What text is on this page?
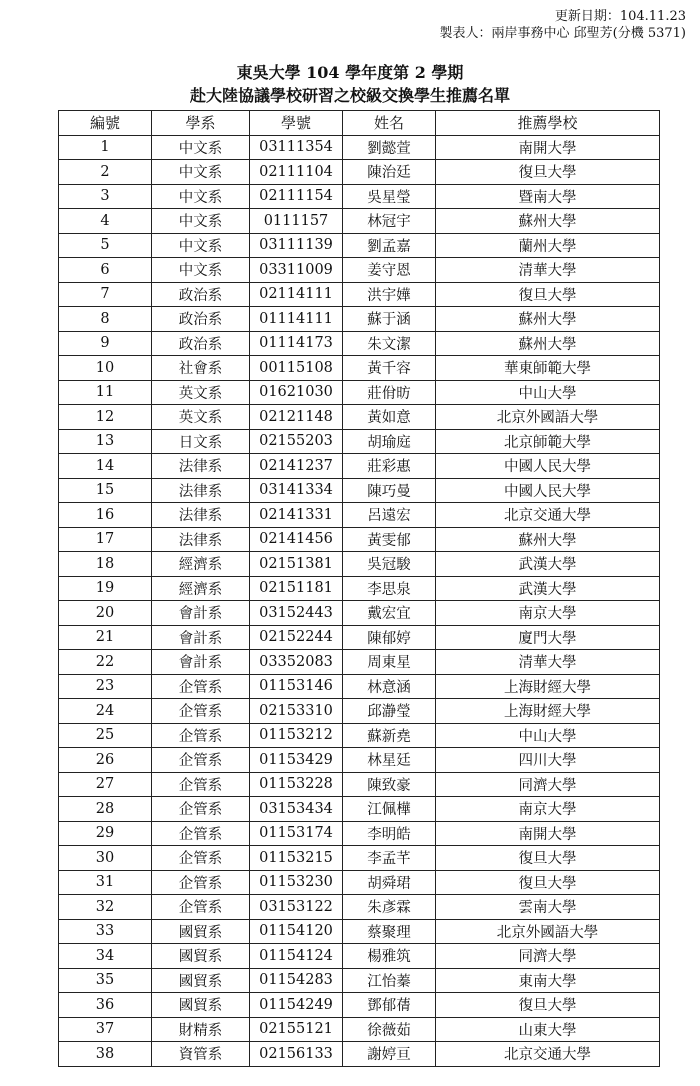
更新日期：104.11.23
製表人：兩岸事務中心 邱聖芳(分機 5371)
東吳大學 104 學年度第 2 學期
赴大陸協議學校研習之校級交換學生推薦名單
編號	學系	學號	姓名	推薦學校
1	中文系	03111354	劉懿萱	南開大學
2	中文系	02111104	陳治廷	復旦大學
3	中文系	02111154	吳星瑩	暨南大學
4	中文系	0111157	林冠宇	蘇州大學
5	中文系	03111139	劉孟嘉	蘭州大學
6	中文系	03311009	姜守恩	清華大學
7	政治系	02114111	洪宇嬅	復旦大學
8	政治系	01114111	蘇于涵	蘇州大學
9	政治系	01114173	朱文潔	蘇州大學
10	社會系	00115108	黃千容	華東師範大學
11	英文系	01621030	莊佾昉	中山大學
12	英文系	02121148	黃如意	北京外國語大學
13	日文系	02155203	胡瑜庭	北京師範大學
14	法律系	02141237	莊彩惠	中國人民大學
15	法律系	03141334	陳巧曼	中國人民大學
16	法律系	02141331	呂遠宏	北京交通大學
17	法律系	02141456	黃雯郁	蘇州大學
18	經濟系	02151381	吳冠駿	武漢大學
19	經濟系	02151181	李思泉	武漢大學
20	會計系	03152443	戴宏宜	南京大學
21	會計系	02152244	陳郁婷	廈門大學
22	會計系	03352083	周東星	清華大學
23	企管系	01153146	林意涵	上海財經大學
24	企管系	02153310	邱瀞瑩	上海財經大學
25	企管系	01153212	蘇新堯	中山大學
26	企管系	01153429	林星廷	四川大學
27	企管系	01153228	陳致豪	同濟大學
28	企管系	03153434	江佩樺	南京大學
29	企管系	01153174	李明皓	南開大學
30	企管系	01153215	李孟芊	復旦大學
31	企管系	01153230	胡舜珺	復旦大學
32	企管系	03153122	朱彥霖	雲南大學
33	國貿系	01154120	蔡聚理	北京外國語大學
34	國貿系	01154124	楊雅筑	同濟大學
35	國貿系	01154283	江怡蓁	東南大學
36	國貿系	01154249	鄧郁蒨	復旦大學
37	財精系	02155121	徐薇茹	山東大學
38	資管系	02156133	謝婷亘	北京交通大學
